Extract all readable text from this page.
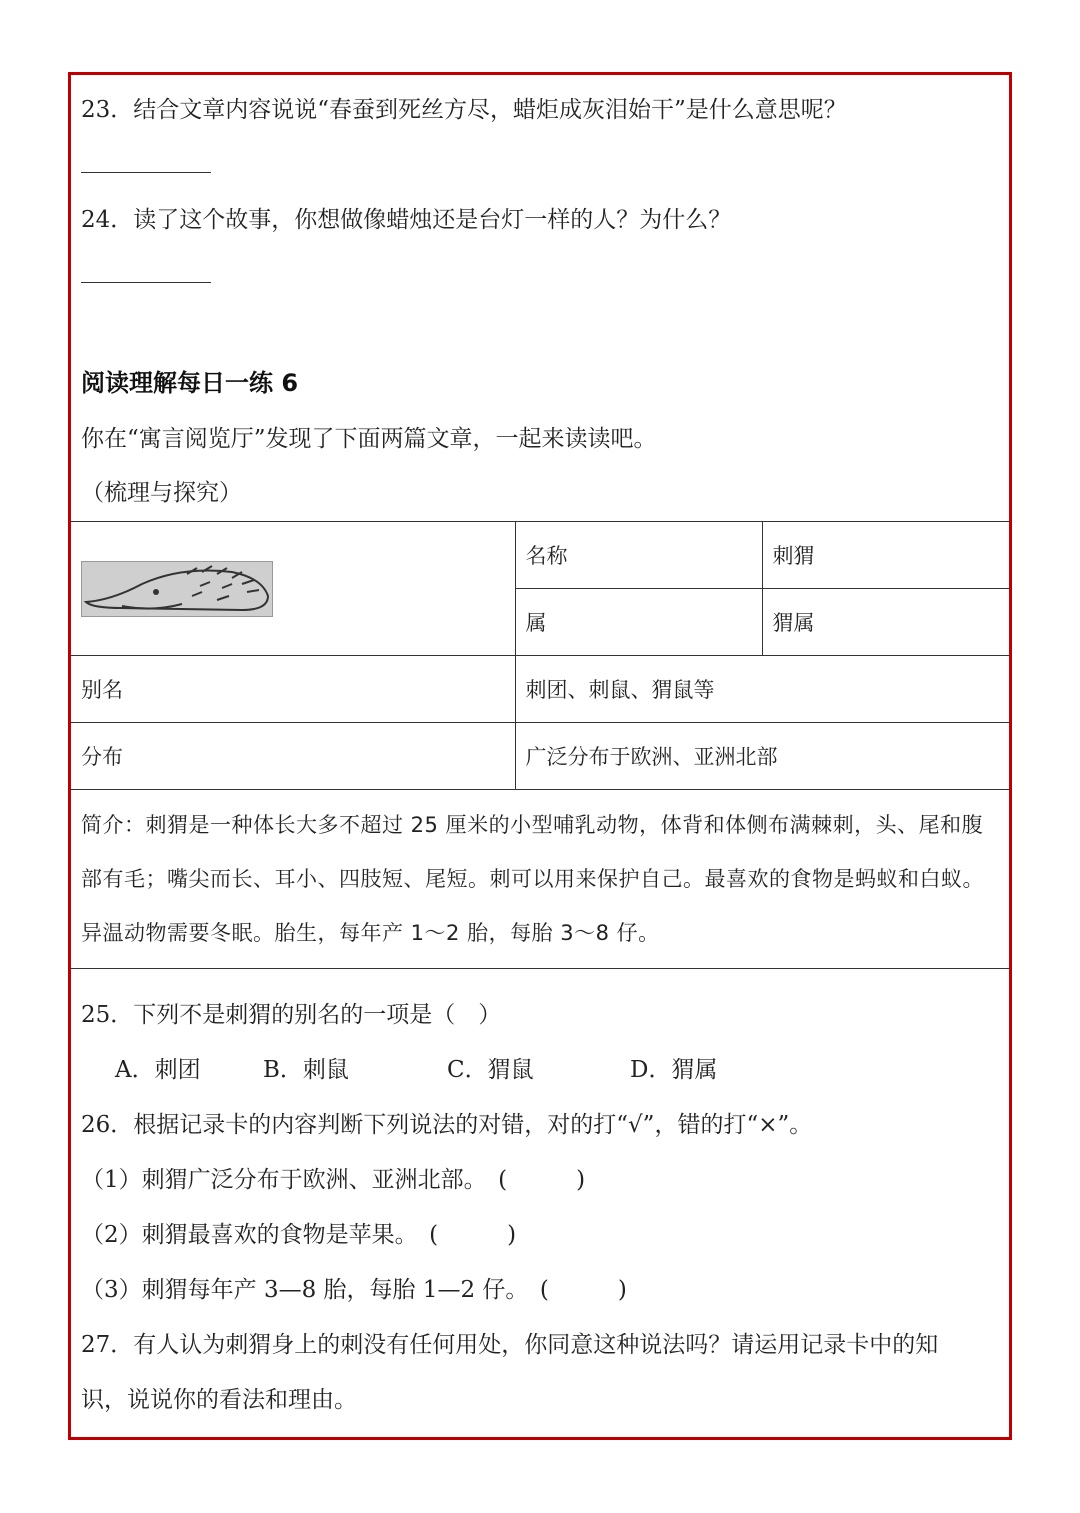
23．结合文章内容说说“春蚕到死丝方尽，蜡炬成灰泪始干”是什么意思呢？
24．读了这个故事，你想做像蜡烛还是台灯一样的人？为什么？
阅读理解每日一练 6
你在“寓言阅览厅”发现了下面两篇文章，一起来读读吧。
（梳理与探究）
	名称	刺猬
	属	猬属
别名	刺团、刺鼠、猬鼠等	
分布	广泛分布于欧洲、亚洲北部	
简介：刺猬是一种体长大多不超过 25 厘米的小型哺乳动物，体背和体侧布满棘刺，头、尾和腹部有毛；嘴尖而长、耳小、四肢短、尾短。刺可以用来保护自己。最喜欢的食物是蚂蚁和白蚁。异温动物需要冬眠。胎生，每年产 1～2 胎，每胎 3～8 仔。		
25．下列不是刺猬的别名的一项是（　）
A．刺团	B．刺鼠	C．猬鼠	D．猬属
26．根据记录卡的内容判断下列说法的对错，对的打“√”，错的打“×”。
（1）刺猬广泛分布于欧洲、亚洲北部。　(　　　)
（2）刺猬最喜欢的食物是苹果。　(　　　)
（3）刺猬每年产 3—8 胎，每胎 1—2 仔。　(　　　)
27．有人认为刺猬身上的刺没有任何用处，你同意这种说法吗？请运用记录卡中的知
识，说说你的看法和理由。
